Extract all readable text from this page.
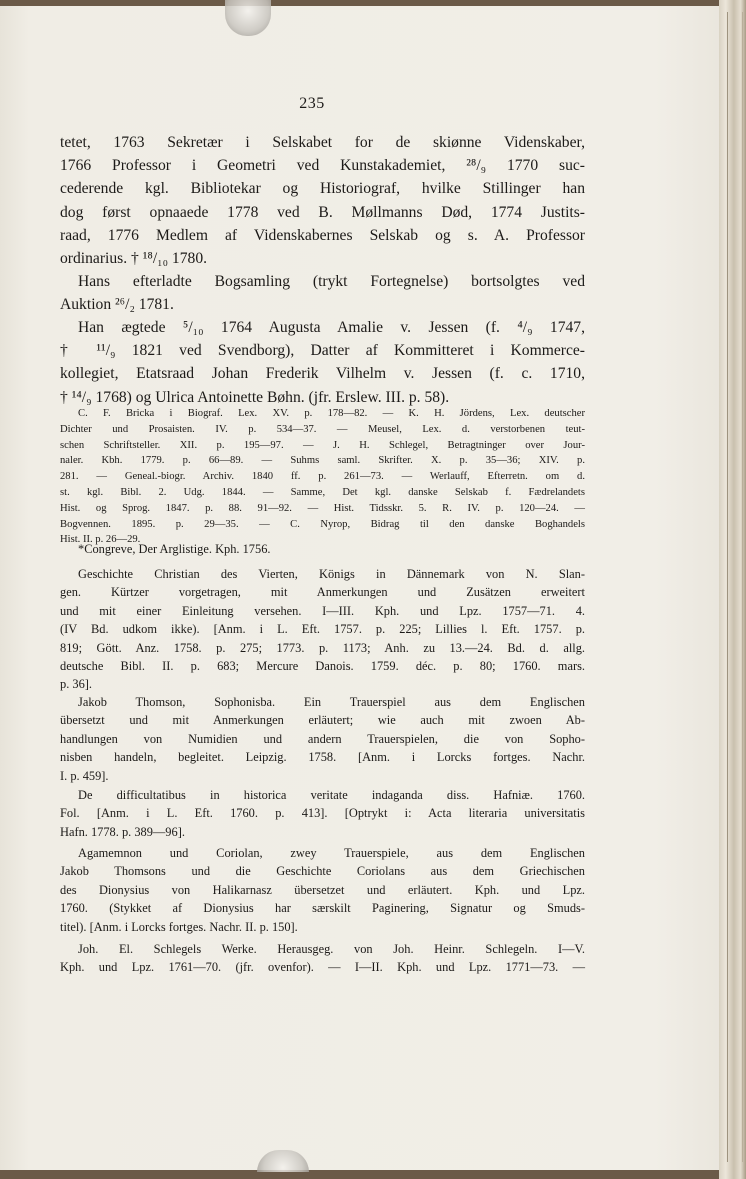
235
tetet, 1763 Sekretær i Selskabet for de skiønne Videnskaber,
1766 Professor i Geometri ved Kunstakademiet, ²⁸/₉ 1770 suc-
cederende kgl. Bibliotekar og Historiograf, hvilke Stillinger han
dog først opnaaede 1778 ved B. Møllmanns Død, 1774 Justits-
raad, 1776 Medlem af Videnskabernes Selskab og s. A. Professor
ordinarius. † ¹⁸/₁₀ 1780.
Hans efterladte Bogsamling (trykt Fortegnelse) bortsolgtes ved
Auktion ²⁶/₂ 1781.
Han ægtede ⁵/₁₀ 1764 Augusta Amalie v. Jessen (f. ⁴/₉ 1747,
† ¹¹/₉ 1821 ved Svendborg), Datter af Kommitteret i Kommerce-
kollegiet, Etatsraad Johan Frederik Vilhelm v. Jessen (f. c. 1710,
† ¹⁴/₉ 1768) og Ulrica Antoinette Bøhn. (jfr. Erslew. III. p. 58).
C. F. Bricka i Biograf. Lex. XV. p. 178—82. — K. H. Jördens, Lex. deutscher
Dichter und Prosaisten. IV. p. 534—37. — Meusel, Lex. d. verstorbenen teut-
schen Schriftsteller. XII. p. 195—97. — J. H. Schlegel, Betragtninger over Jour-
naler. Kbh. 1779. p. 66—89. — Suhms saml. Skrifter. X. p. 35—36; XIV. p.
281. — Geneal.-biogr. Archiv. 1840 ff. p. 261—73. — Werlauff, Efterretn. om d.
st. kgl. Bibl. 2. Udg. 1844. — Samme, Det kgl. danske Selskab f. Fædrelandets
Hist. og Sprog. 1847. p. 88. 91—92. — Hist. Tidsskr. 5. R. IV. p. 120—24. —
Bogvennen. 1895. p. 29—35. — C. Nyrop, Bidrag til den danske Boghandels
Hist. II. p. 26—29.
*Congreve, Der Arglistige. Kph. 1756.
Geschichte Christian des Vierten, Königs in Dännemark von N. Slan-
gen. Kürtzer vorgetragen, mit Anmerkungen und Zusätzen erweitert
und mit einer Einleitung versehen. I—III. Kph. und Lpz. 1757—71. 4.
(IV Bd. udkom ikke). [Anm. i L. Eft. 1757. p. 225; Lillies l. Eft. 1757. p.
819; Gött. Anz. 1758. p. 275; 1773. p. 1173; Anh. zu 13.—24. Bd. d. allg.
deutsche Bibl. II. p. 683; Mercure Danois. 1759. déc. p. 80; 1760. mars.
p. 36].
Jakob Thomson, Sophonisba. Ein Trauerspiel aus dem Englischen
übersetzt und mit Anmerkungen erläutert; wie auch mit zwoen Ab-
handlungen von Numidien und andern Trauerspielen, die von Sopho-
nisben handeln, begleitet. Leipzig. 1758. [Anm. i Lorcks fortges. Nachr.
I. p. 459].
De difficultatibus in historica veritate indaganda diss. Hafniæ. 1760.
Fol. [Anm. i L. Eft. 1760. p. 413]. [Optrykt i: Acta literaria universitatis
Hafn. 1778. p. 389—96].
Agamemnon und Coriolan, zwey Trauerspiele, aus dem Englischen
Jakob Thomsons und die Geschichte Coriolans aus dem Griechischen
des Dionysius von Halikarnasz übersetzet und erläutert. Kph. und Lpz.
1760. (Stykket af Dionysius har særskilt Paginering, Signatur og Smuds-
titel). [Anm. i Lorcks fortges. Nachr. II. p. 150].
Joh. El. Schlegels Werke. Herausgeg. von Joh. Heinr. Schlegeln. I—V.
Kph. und Lpz. 1761—70. (jfr. ovenfor). — I—II. Kph. und Lpz. 1771—73. —
